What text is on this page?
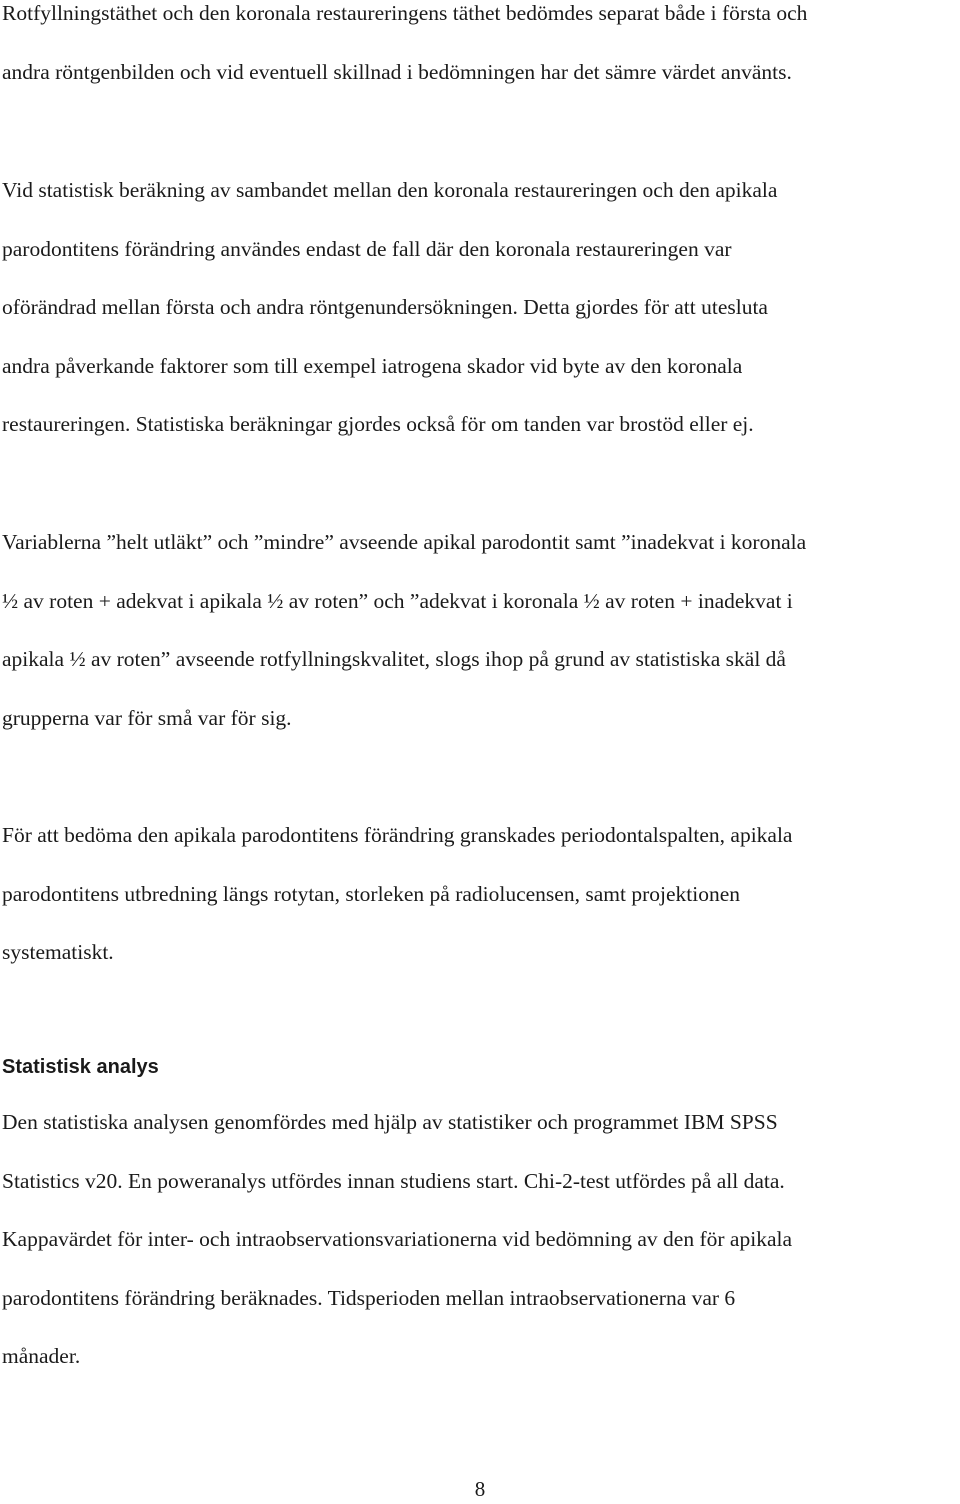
Rotfyllningstäthet och den koronala restaureringens täthet bedömdes separat både i första och
andra röntgenbilden och vid eventuell skillnad i bedömningen har det sämre värdet använts.

Vid statistisk beräkning av sambandet mellan den koronala restaureringen och den apikala
parodontitens förändring användes endast de fall där den koronala restaureringen var
oförändrad mellan första och andra röntgenundersökningen. Detta gjordes för att utesluta
andra påverkande faktorer som till exempel iatrogena skador vid byte av den koronala
restaureringen. Statistiska beräkningar gjordes också för om tanden var brostöd eller ej.

Variablerna ”helt utläkt” och ”mindre” avseende apikal parodontit samt ”inadekvat i koronala
½ av roten + adekvat i apikala ½ av roten” och ”adekvat i koronala ½ av roten + inadekvat i
apikala ½ av roten” avseende rotfyllningskvalitet, slogs ihop på grund av statistiska skäl då
grupperna var för små var för sig.

För att bedöma den apikala parodontitens förändring granskades periodontalspalten, apikala
parodontitens utbredning längs rotytan, storleken på radiolucensen, samt projektionen
systematiskt.

Statistisk analys

Den statistiska analysen genomfördes med hjälp av statistiker och programmet IBM SPSS
Statistics v20. En poweranalys utfördes innan studiens start. Chi-2-test utfördes på all data.
Kappavärdet för inter- och intraobservationsvariationerna vid bedömning av den för apikala
parodontitens förändring beräknades. Tidsperioden mellan intraobservationerna var 6
månader.

8
